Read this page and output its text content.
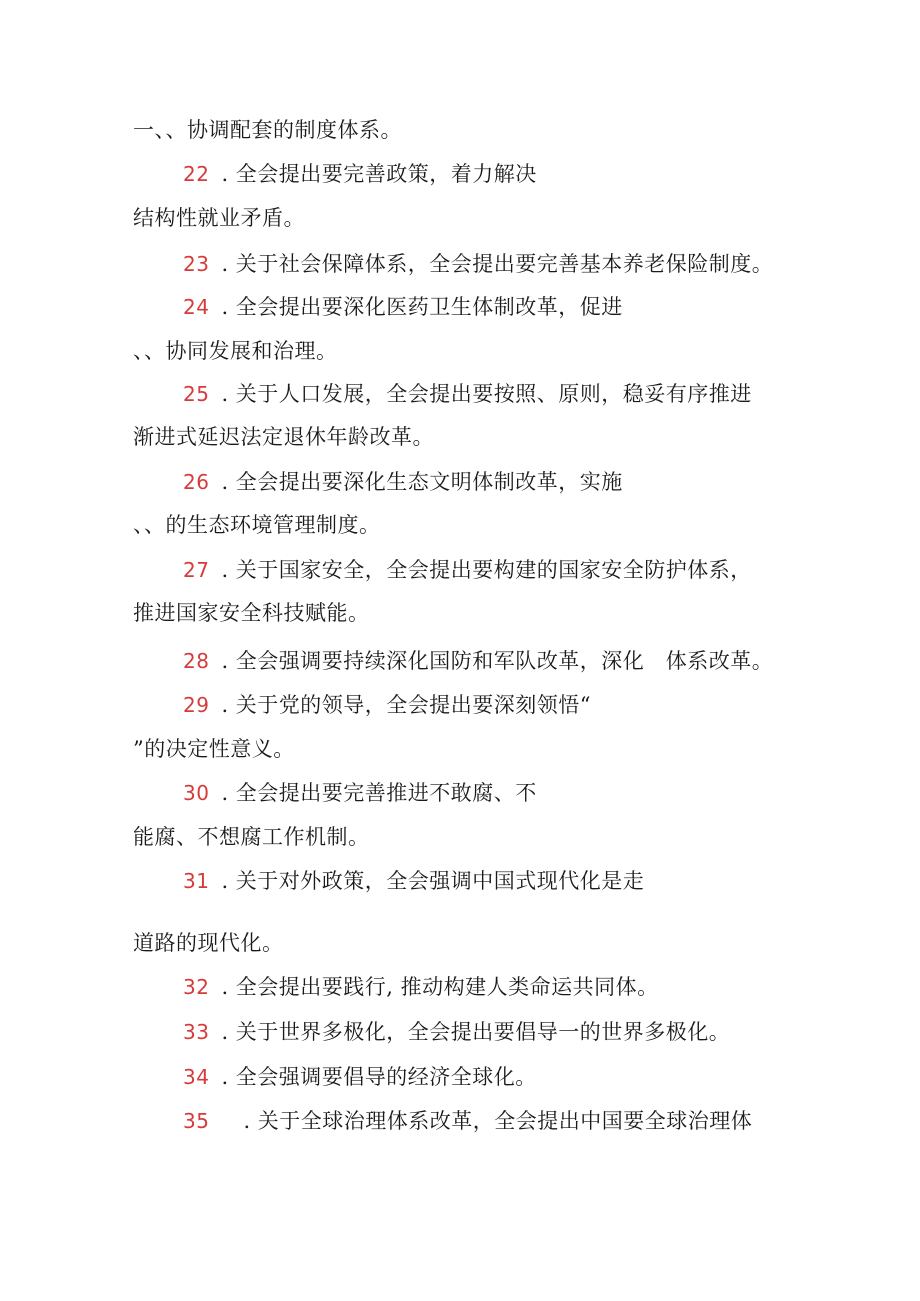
一、、协调配套的制度体系。
22 . 全会提出要完善政策，着力解决
结构性就业矛盾。
23 . 关于社会保障体系，全会提出要完善基本养老保险制度。
24 . 全会提出要深化医药卫生体制改革，促进
、、协同发展和治理。
25 . 关于人口发展，全会提出要按照、原则，稳妥有序推进
渐进式延迟法定退休年龄改革。
26 . 全会提出要深化生态文明体制改革，实施
、、的生态环境管理制度。
27 . 关于国家安全，全会提出要构建的国家安全防护体系，
推进国家安全科技赋能。
28 . 全会强调要持续深化国防和军队改革，深化　体系改革。
29 . 关于党的领导，全会提出要深刻领悟“
”的决定性意义。
30 . 全会提出要完善推进不敢腐、不
能腐、不想腐工作机制。
31 . 关于对外政策，全会强调中国式现代化是走
道路的现代化。
32 . 全会提出要践行, 推动构建人类命运共同体。
33 . 关于世界多极化，全会提出要倡导一的世界多极化。
34 . 全会强调要倡导的经济全球化。
35 . 关于全球治理体系改革，全会提出中国要全球治理体
